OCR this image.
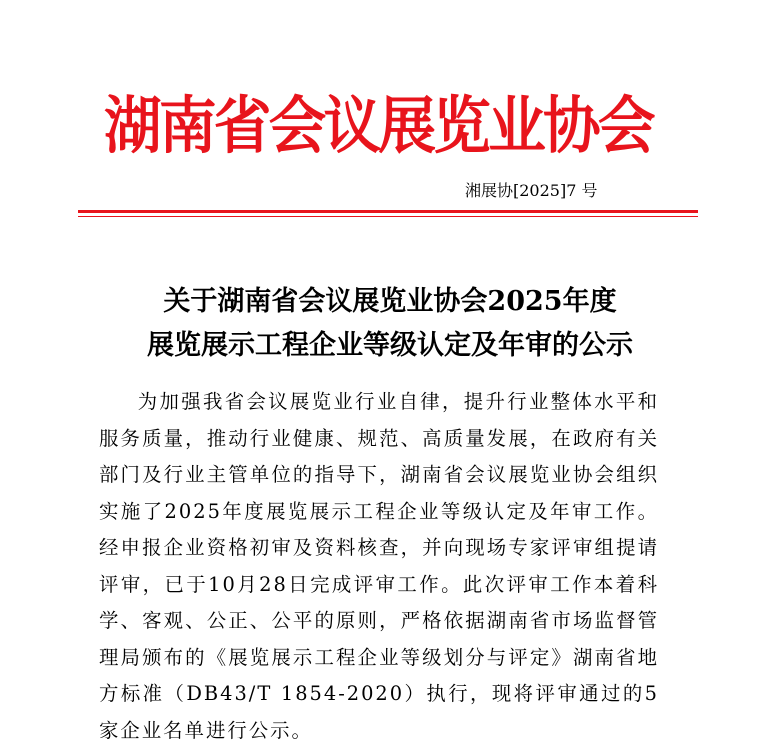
湖南省会议展览业协会
湘展协[2025]7 号
关于湖南省会议展览业协会2025年度
展览展示工程企业等级认定及年审的公示

为加强我省会议展览业行业自律，提升行业整体水平和服务质量，推动行业健康、规范、高质量发展，在政府有关部门及行业主管单位的指导下，湖南省会议展览业协会组织实施了2025年度展览展示工程企业等级认定及年审工作。经申报企业资格初审及资料核查，并向现场专家评审组提请评审，已于10月28日完成评审工作。此次评审工作本着科学、客观、公正、公平的原则，严格依据湖南省市场监督管理局颁布的《展览展示工程企业等级划分与评定》湖南省地方标准（DB43/T 1854-2020）执行，现将评审通过的5家企业名单进行公示。
